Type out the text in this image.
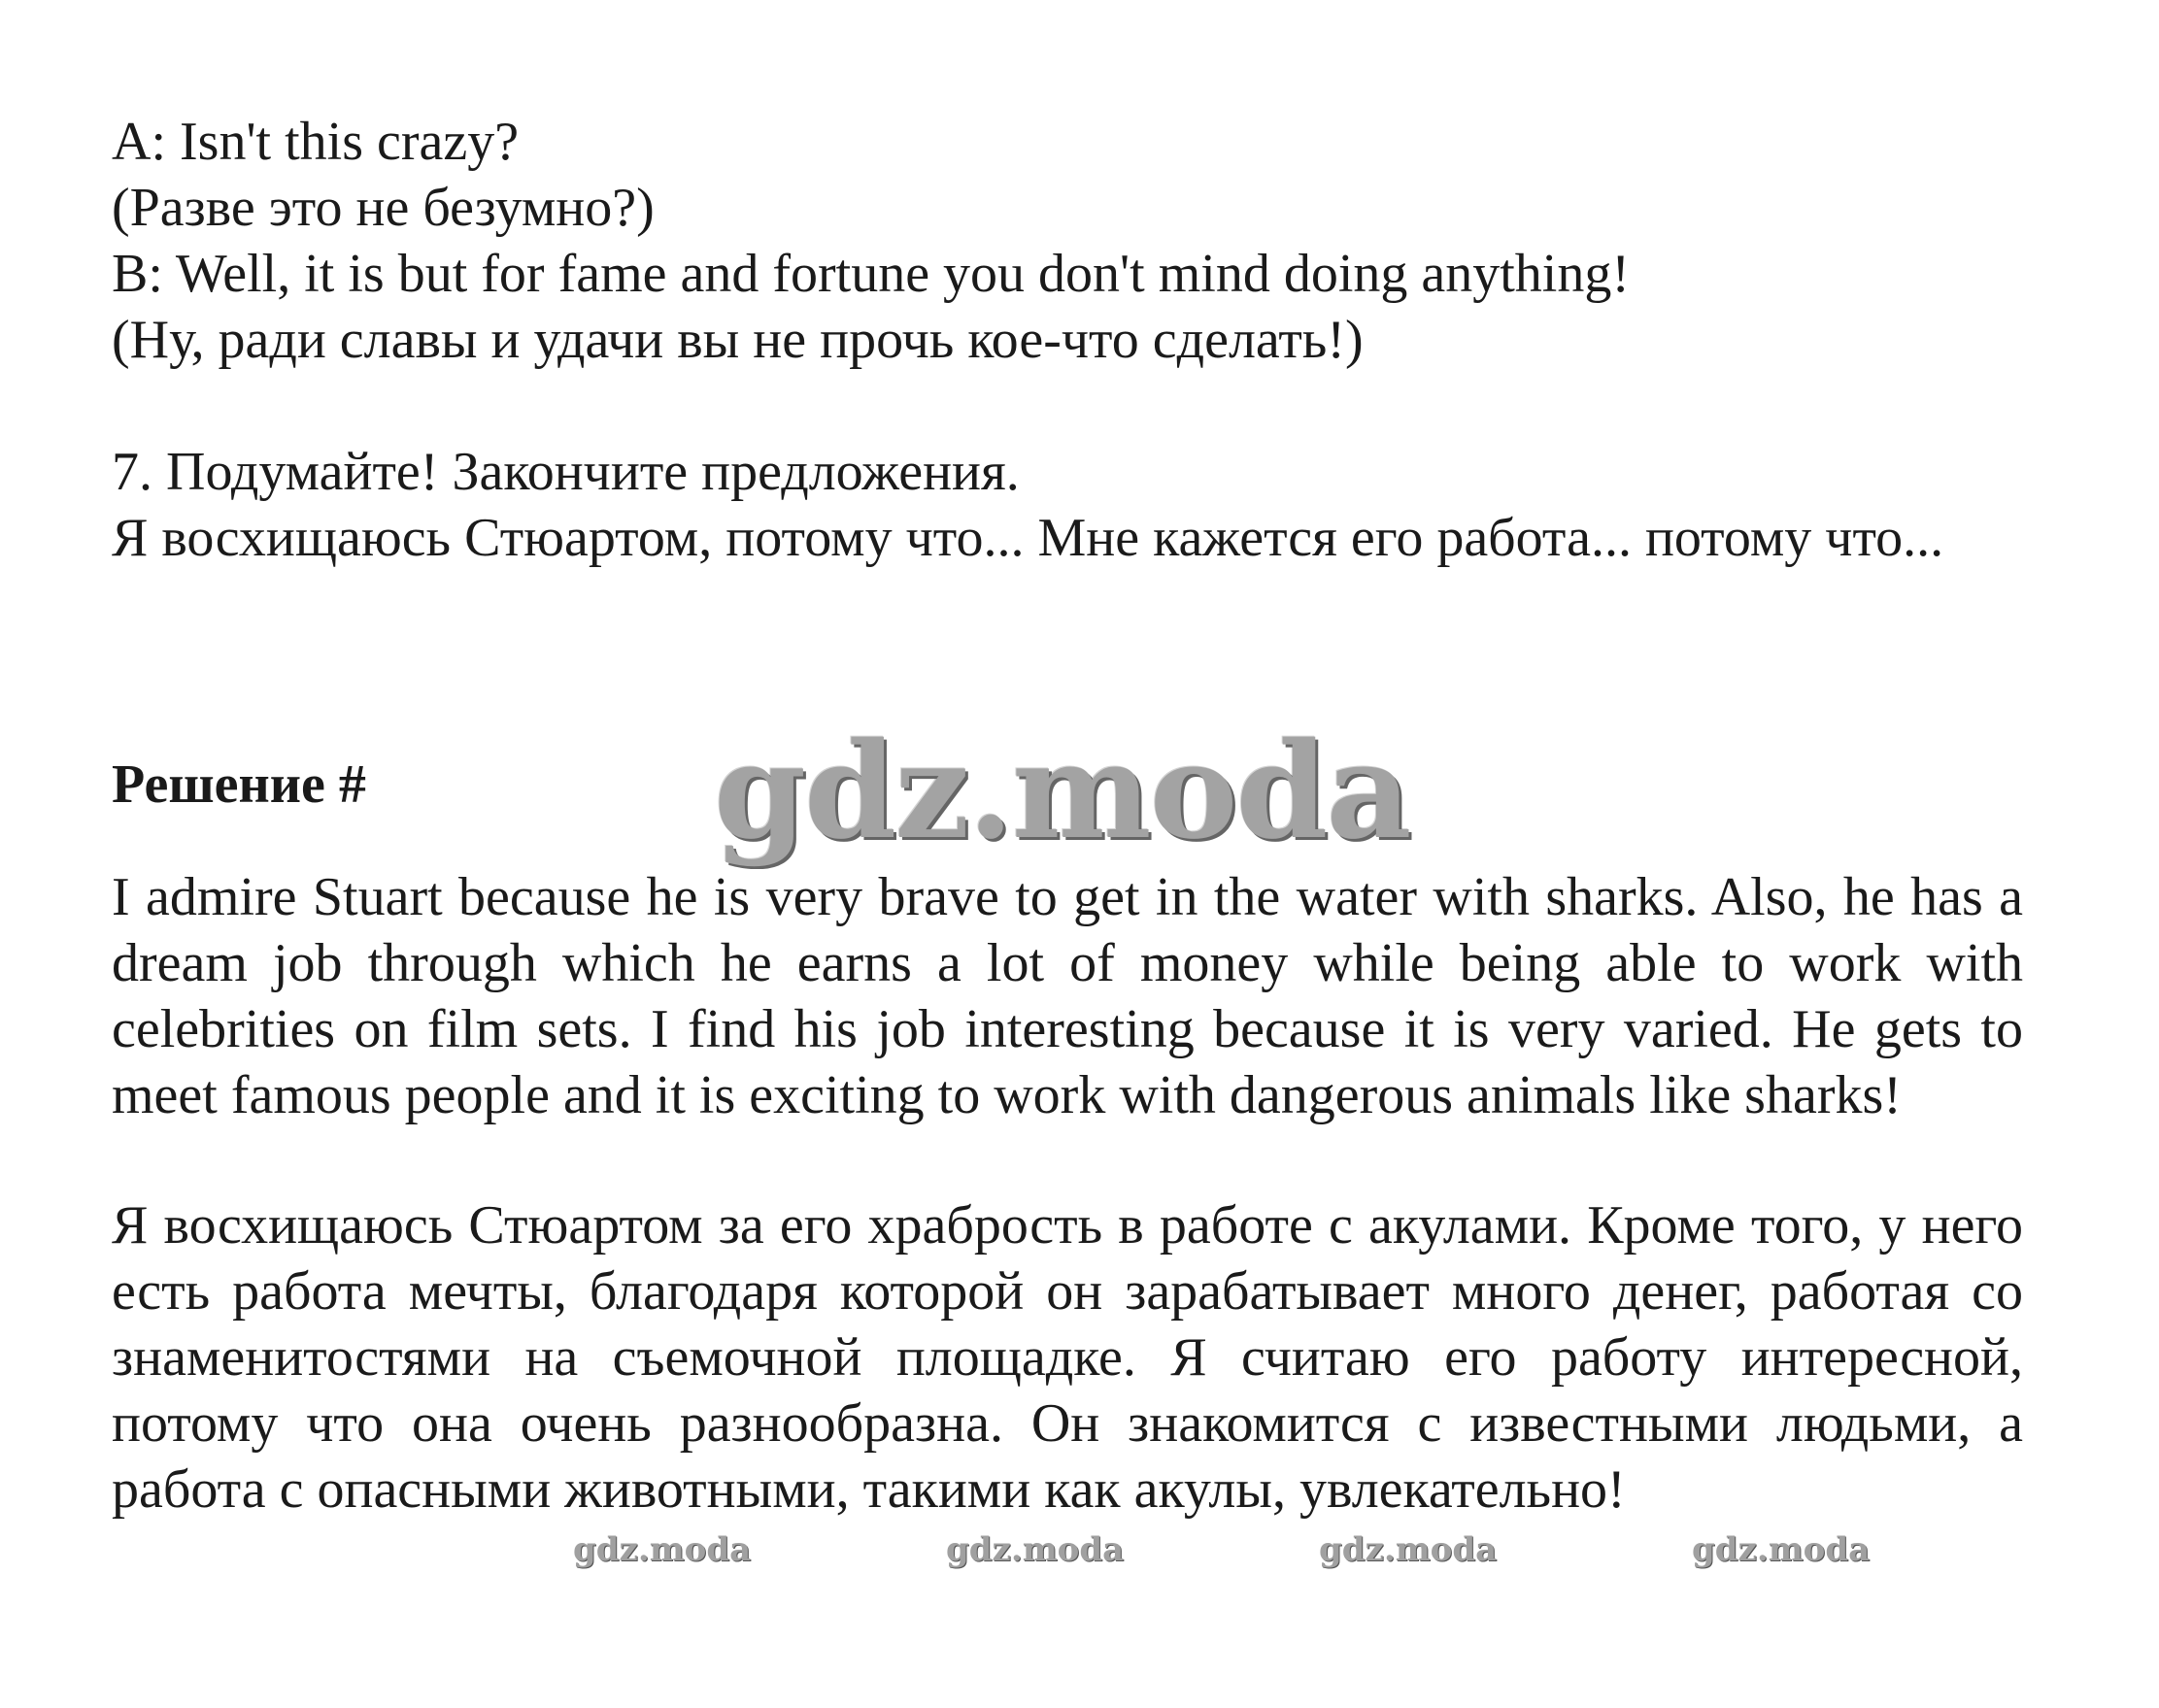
A: Isn't this crazy?
(Разве это не безумно?)
B: Well, it is but for fame and fortune you don't mind doing anything!
(Ну, ради славы и удачи вы не прочь кое-что сделать!)
7. Подумайте! Закончите предложения.
Я восхищаюсь Стюартом, потому что... Мне кажется его работа... потому что...
Решение #	gdz.moda
I admire Stuart because he is very brave to get in the water with sharks. Also, he has a dream job through which he earns a lot of money while being able to work with celebrities on film sets. I find his job interesting because it is very varied. He gets to meet famous people and it is exciting to work with dangerous animals like sharks!
Я восхищаюсь Стюартом за его храбрость в работе с акулами. Кроме того, у него есть работа мечты, благодаря которой он зарабатывает много денег, работая со знаменитостями на съемочной площадке. Я считаю его работу интересной, потому что она очень разнообразна. Он знакомится с известными людьми, а работа с опасными животными, такими как акулы, увлекательно!
gdz.moda	gdz.moda	gdz.moda	gdz.moda
